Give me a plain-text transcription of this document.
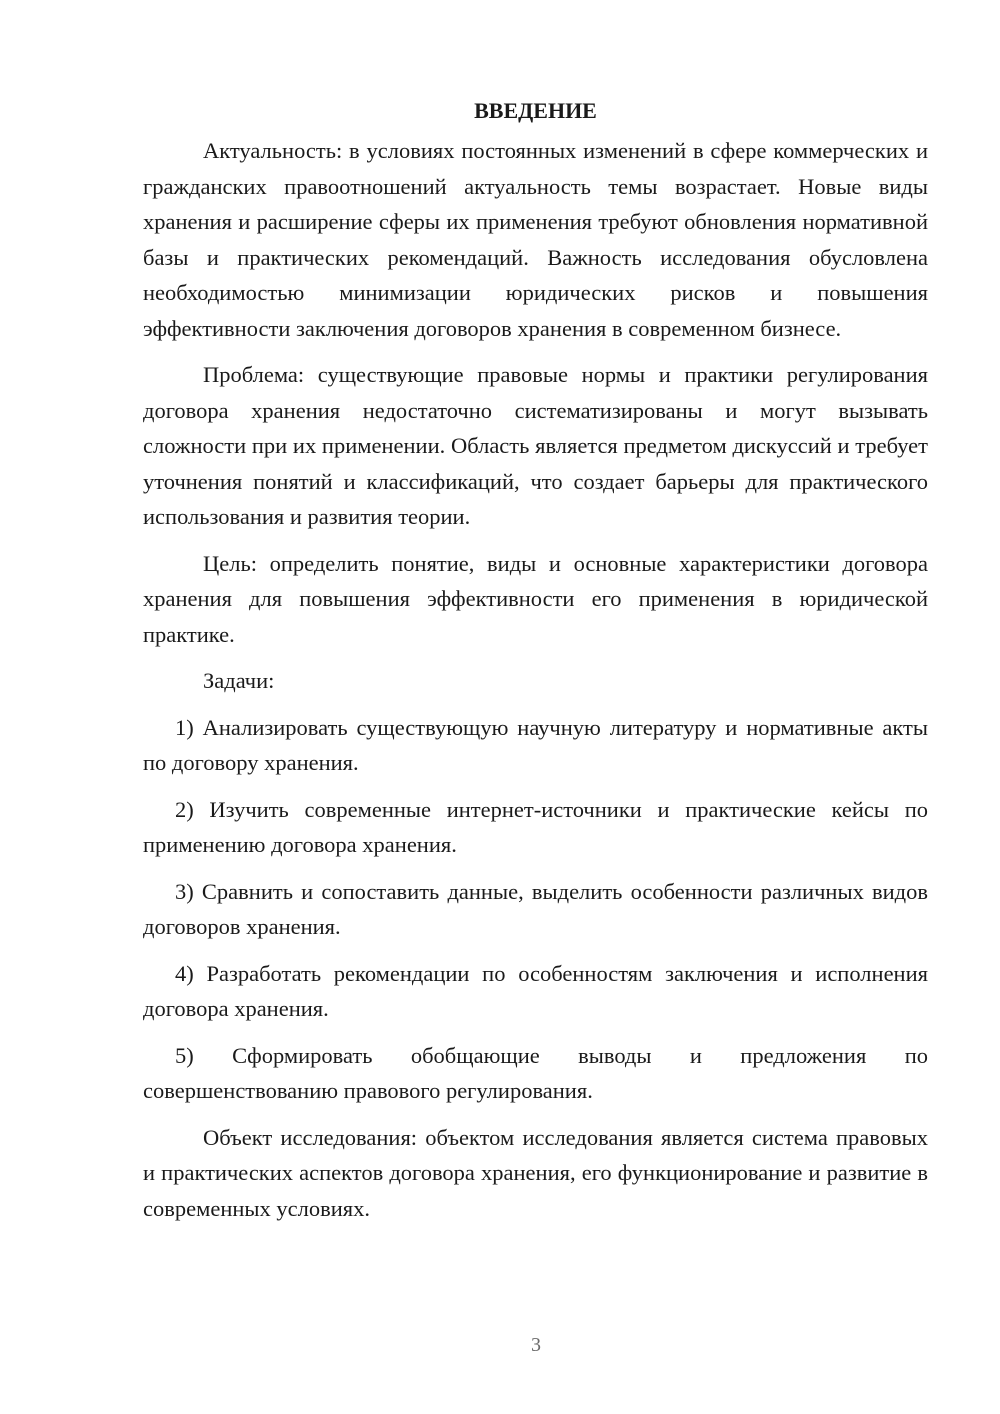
ВВЕДЕНИЕ

Актуальность: в условиях постоянных изменений в сфере коммерческих и гражданских правоотношений актуальность темы возрастает. Новые виды хранения и расширение сферы их применения требуют обновления нормативной базы и практических рекомендаций. Важность исследования обусловлена необходимостью минимизации юридических рисков и повышения эффективности заключения договоров хранения в современном бизнесе.

Проблема: существующие правовые нормы и практики регулирования договора хранения недостаточно систематизированы и могут вызывать сложности при их применении. Область является предметом дискуссий и требует уточнения понятий и классификаций, что создает барьеры для практического использования и развития теории.

Цель: определить понятие, виды и основные характеристики договора хранения для повышения эффективности его применения в юридической практике.

Задачи:

1) Анализировать существующую научную литературу и нормативные акты по договору хранения.

2) Изучить современные интернет-источники и практические кейсы по применению договора хранения.

3) Сравнить и сопоставить данные, выделить особенности различных видов договоров хранения.

4) Разработать рекомендации по особенностям заключения и исполнения договора хранения.

5) Сформировать обобщающие выводы и предложения по совершенствованию правового регулирования.

Объект исследования: объектом исследования является система правовых и практических аспектов договора хранения, его функционирование и развитие в современных условиях.

3
